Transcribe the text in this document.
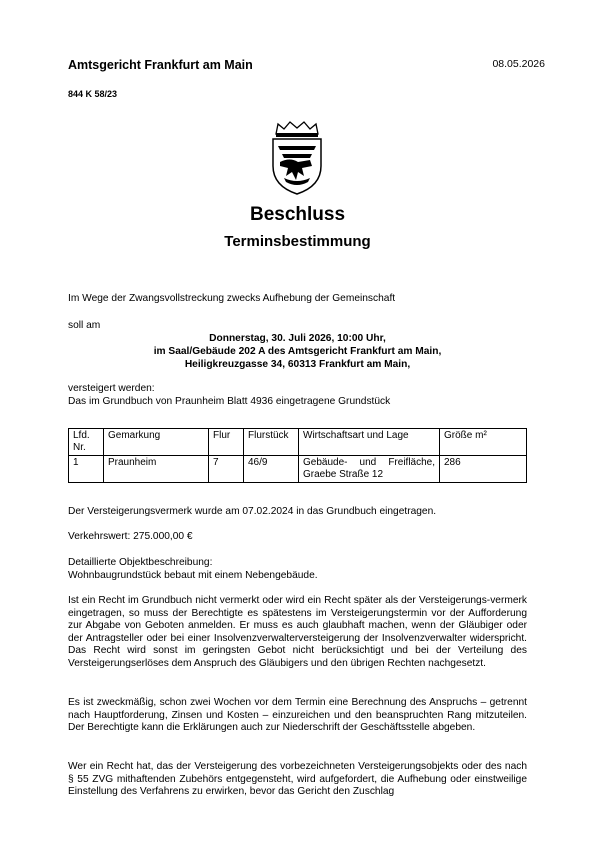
Amtsgericht Frankfurt am Main	08.05.2026
844 K 58/23
Beschluss
Terminsbestimmung
Im Wege der Zwangsvollstreckung zwecks Aufhebung der Gemeinschaft
soll am
Donnerstag, 30. Juli 2026, 10:00 Uhr,
im Saal/Gebäude 202 A des Amtsgericht Frankfurt am Main,
Heiligkreuzgasse 34, 60313 Frankfurt am Main,
versteigert werden:
Das im Grundbuch von Praunheim Blatt 4936 eingetragene Grundstück
Lfd. Nr.	Gemarkung	Flur	Flurstück	Wirtschaftsart und Lage	Größe m²
1	Praunheim	7	46/9	Gebäude- und Freifläche, Graebe Straße 12	286
Der Versteigerungsvermerk wurde am 07.02.2024 in das Grundbuch eingetragen.
Verkehrswert: 275.000,00 €
Detaillierte Objektbeschreibung:
Wohnbaugrundstück bebaut mit einem Nebengebäude.
Ist ein Recht im Grundbuch nicht vermerkt oder wird ein Recht später als der Versteigerungs-vermerk eingetragen, so muss der Berechtigte es spätestens im Versteigerungstermin vor der Aufforderung zur Abgabe von Geboten anmelden. Er muss es auch glaubhaft machen, wenn der Gläubiger oder der Antragsteller oder bei einer Insolvenzverwalterversteigerung der Insolvenzverwalter widerspricht. Das Recht wird sonst im geringsten Gebot nicht berücksichtigt und bei der Verteilung des Versteigerungserlöses dem Anspruch des Gläubigers und den übrigen Rechten nachgesetzt.
Es ist zweckmäßig, schon zwei Wochen vor dem Termin eine Berechnung des Anspruchs – getrennt nach Hauptforderung, Zinsen und Kosten – einzureichen und den beanspruchten Rang mitzuteilen. Der Berechtigte kann die Erklärungen auch zur Niederschrift der Geschäftsstelle abgeben.
Wer ein Recht hat, das der Versteigerung des vorbezeichneten Versteigerungsobjekts oder des nach § 55 ZVG mithaftenden Zubehörs entgegensteht, wird aufgefordert, die Aufhebung oder einstweilige Einstellung des Verfahrens zu erwirken, bevor das Gericht den Zuschlag
